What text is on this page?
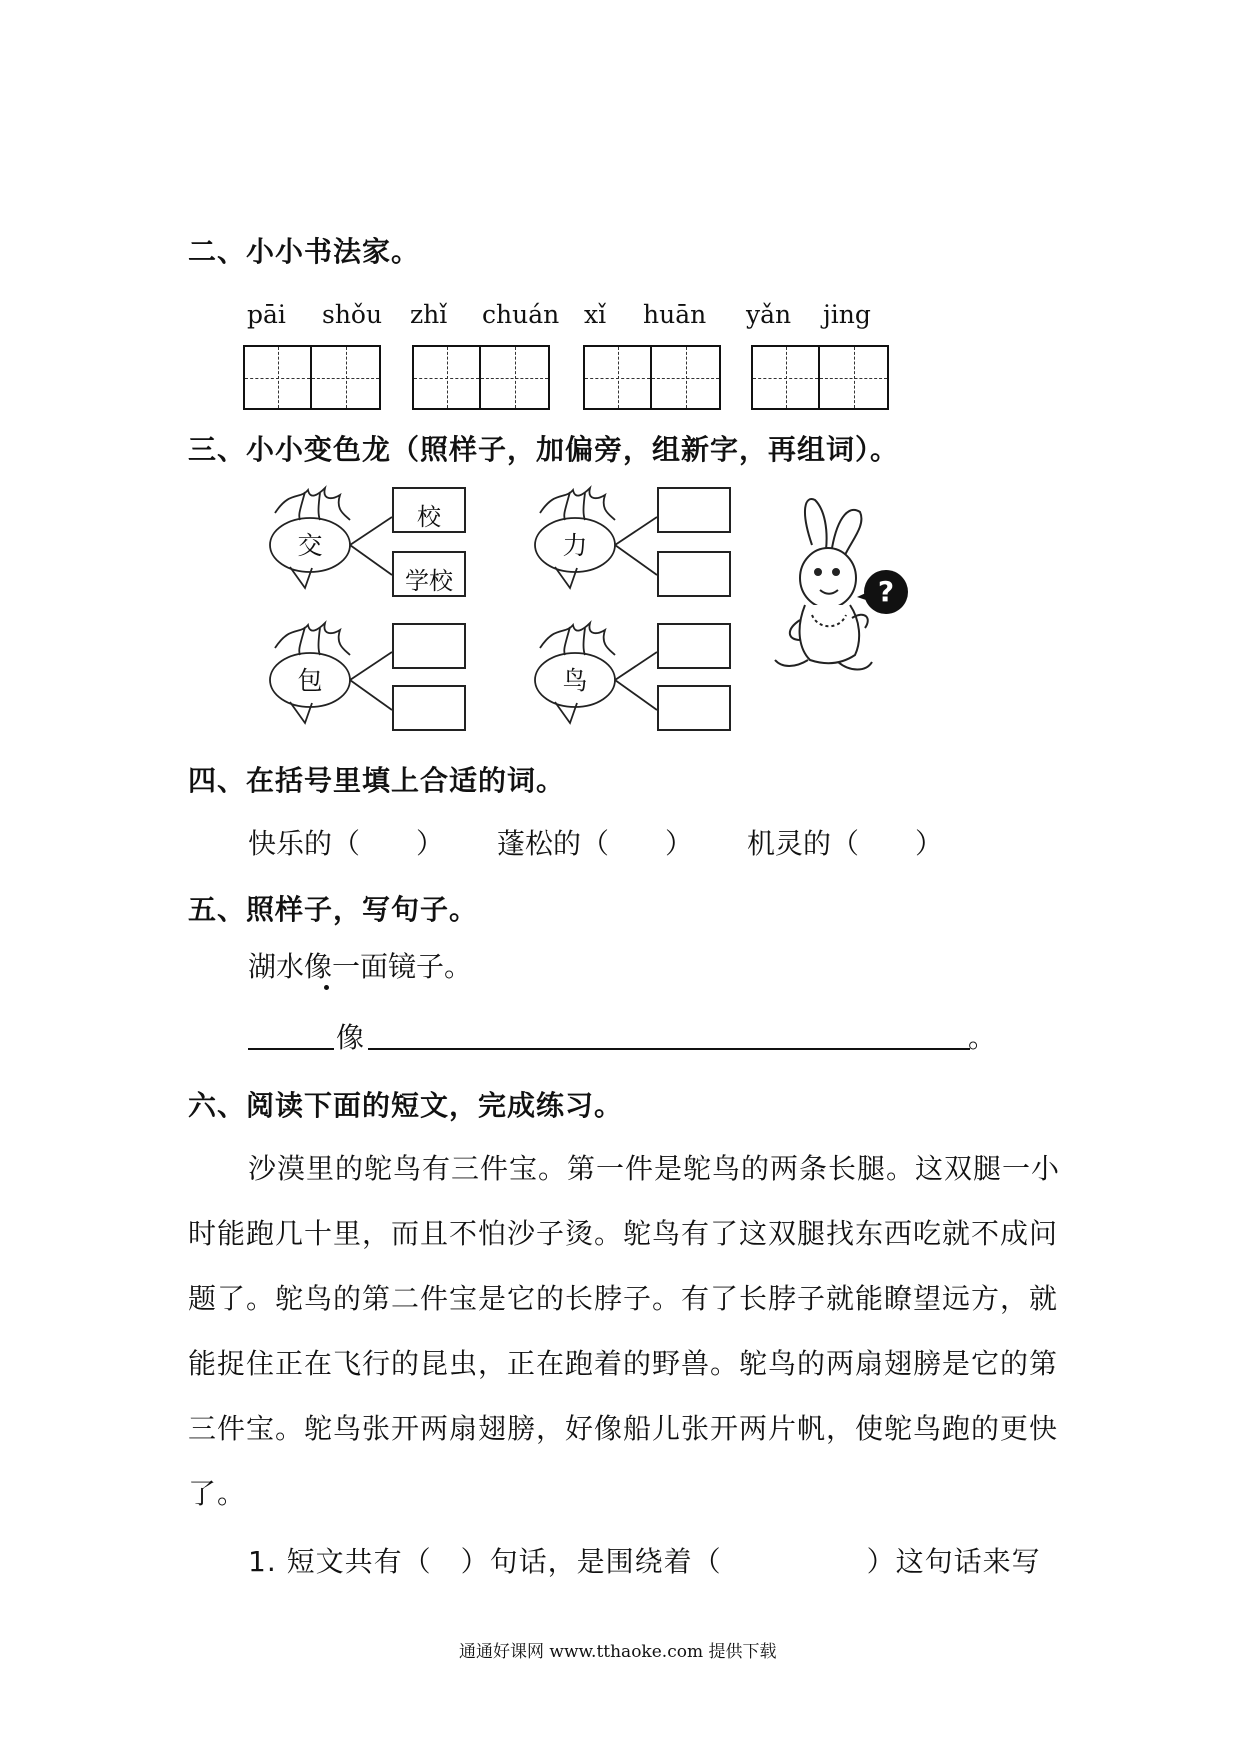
二、小小书法家。
pāi shǒu zhǐ chuán xǐ huān yǎn jing
三、小小变色龙（照样子，加偏旁，组新字，再组词）。
?
交	力
包	鸟
校
学校
四、在括号里填上合适的词。
快乐的（　　） 蓬松的（　　） 机灵的（　　）
五、照样子，写句子。
湖水像一面镜子。
像	。
六、阅读下面的短文，完成练习。
沙漠里的鸵鸟有三件宝。第一件是鸵鸟的两条长腿。这双腿一小
时能跑几十里，而且不怕沙子烫。鸵鸟有了这双腿找东西吃就不成问
题了。鸵鸟的第二件宝是它的长脖子。有了长脖子就能瞭望远方，就
能捉住正在飞行的昆虫，正在跑着的野兽。鸵鸟的两扇翅膀是它的第
三件宝。鸵鸟张开两扇翅膀，好像船儿张开两片帆，使鸵鸟跑的更快
了。
1. 短文共有（　）句话，是围绕着（　　　　　）这句话来写
通通好课网 www.tthaoke.com 提供下载
